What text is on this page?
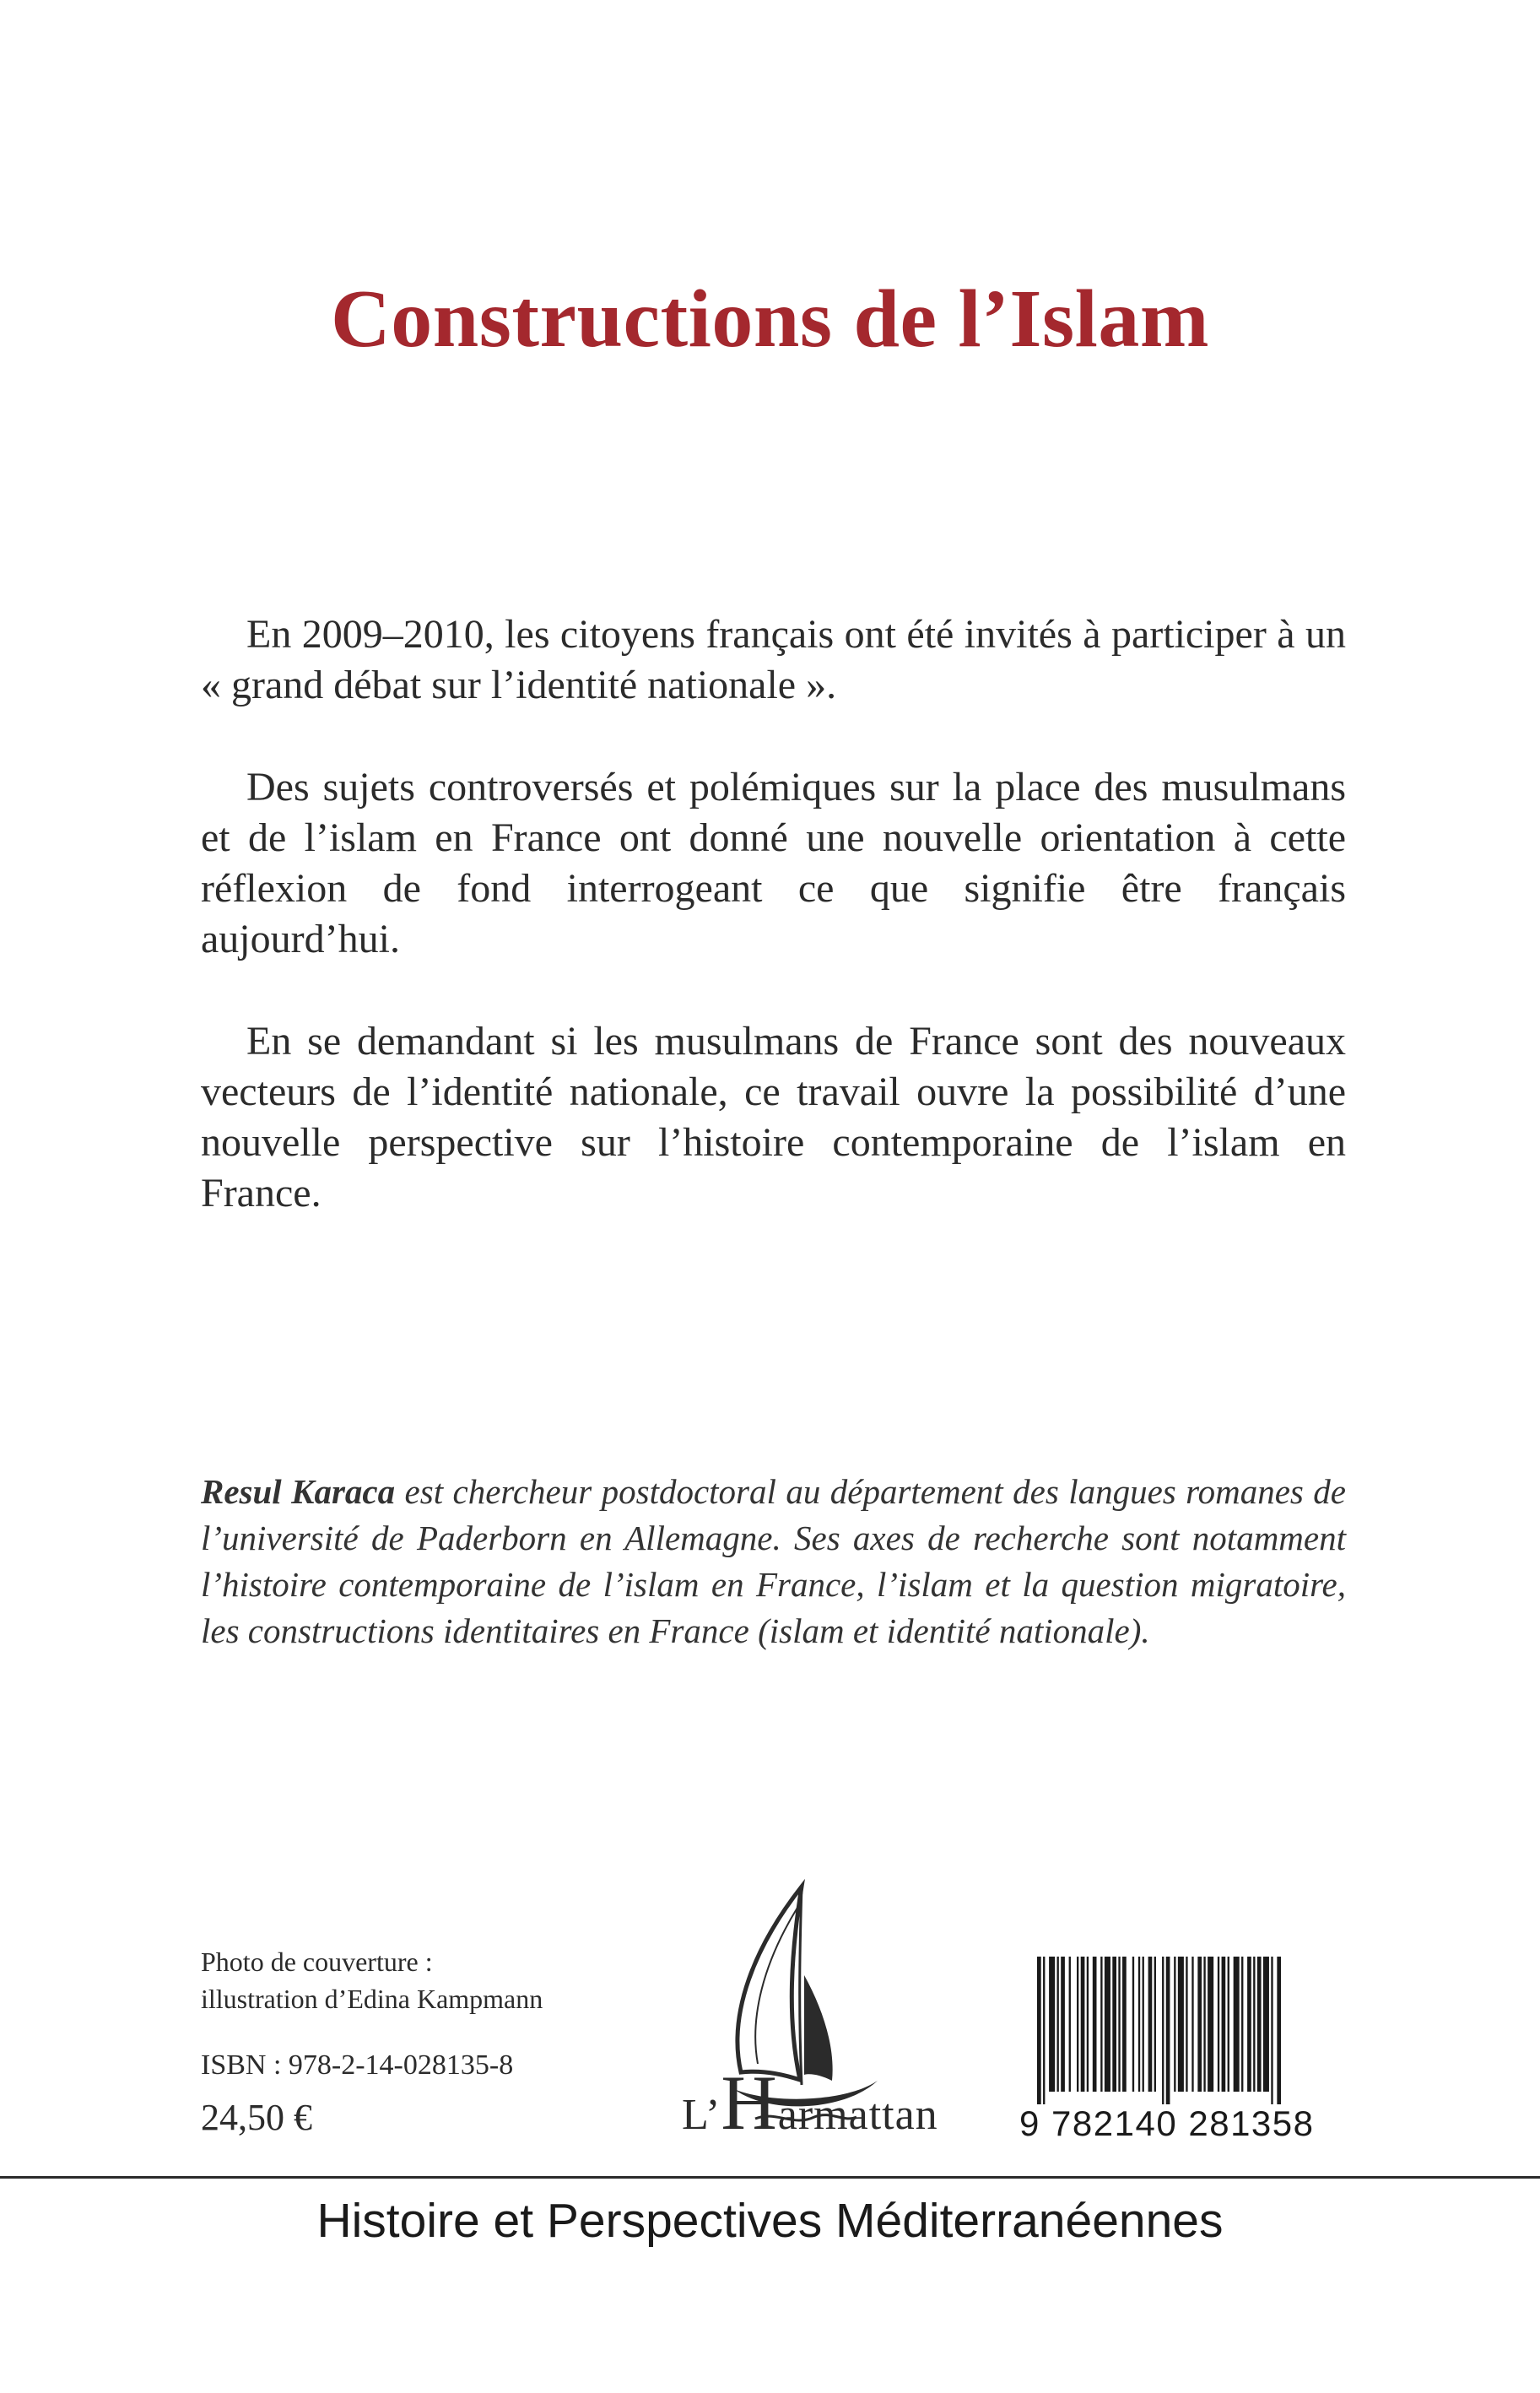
Constructions de l’Islam

En 2009–2010, les citoyens français ont été invités à participer à un « grand débat sur l’identité nationale ».

Des sujets controversés et polémiques sur la place des musulmans et de l’islam en France ont donné une nouvelle orientation à cette réflexion de fond interrogeant ce que signifie être français aujourd’hui.

En se demandant si les musulmans de France sont des nouveaux vecteurs de l’identité nationale, ce travail ouvre la possibilité d’une nouvelle perspective sur l’histoire contemporaine de l’islam en France.

Resul Karaca est chercheur postdoctoral au département des langues romanes de l’université de Paderborn en Allemagne. Ses axes de recherche sont notamment l’histoire contemporaine de l’islam en France, l’islam et la question migratoire, les constructions identitaires en France (islam et identité nationale).
Photo de couverture :
illustration d’Edina Kampmann
ISBN : 978-2-14-028135-8
24,50 €	L’Harmattan 9 782140 281358
Histoire et Perspectives Méditerranéennes
